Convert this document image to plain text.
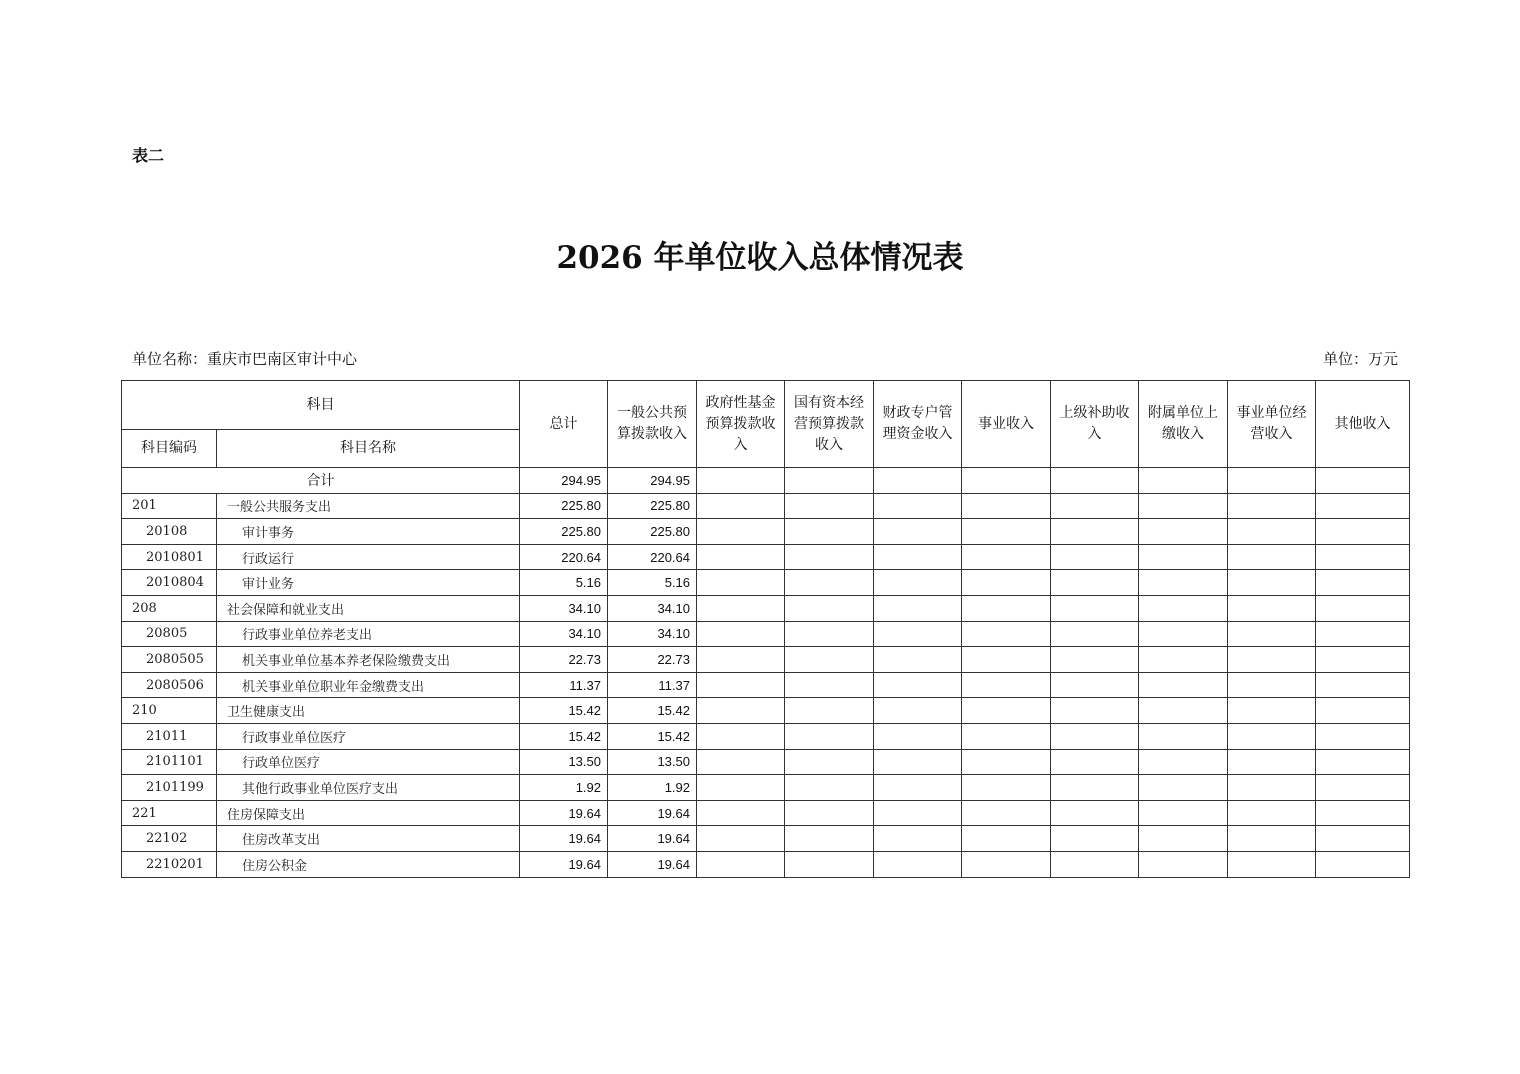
表二
2026 年单位收入总体情况表
单位名称：重庆市巴南区审计中心	单位：万元
科目		总计	一般公共预算拨款收入	政府性基金预算拨款收入	国有资本经营预算拨款收入	财政专户管理资金收入	事业收入	上级补助收入	附属单位上缴收入	事业单位经营收入	其他收入
科目编码	科目名称										
合计		294.95	294.95								
201	一般公共服务支出	225.80	225.80								
20108	审计事务	225.80	225.80								
2010801	行政运行	220.64	220.64								
2010804	审计业务	5.16	5.16								
208	社会保障和就业支出	34.10	34.10								
20805	行政事业单位养老支出	34.10	34.10								
2080505	机关事业单位基本养老保险缴费支出	22.73	22.73								
2080506	机关事业单位职业年金缴费支出	11.37	11.37								
210	卫生健康支出	15.42	15.42								
21011	行政事业单位医疗	15.42	15.42								
2101101	行政单位医疗	13.50	13.50								
2101199	其他行政事业单位医疗支出	1.92	1.92								
221	住房保障支出	19.64	19.64								
22102	住房改革支出	19.64	19.64								
2210201	住房公积金	19.64	19.64								
